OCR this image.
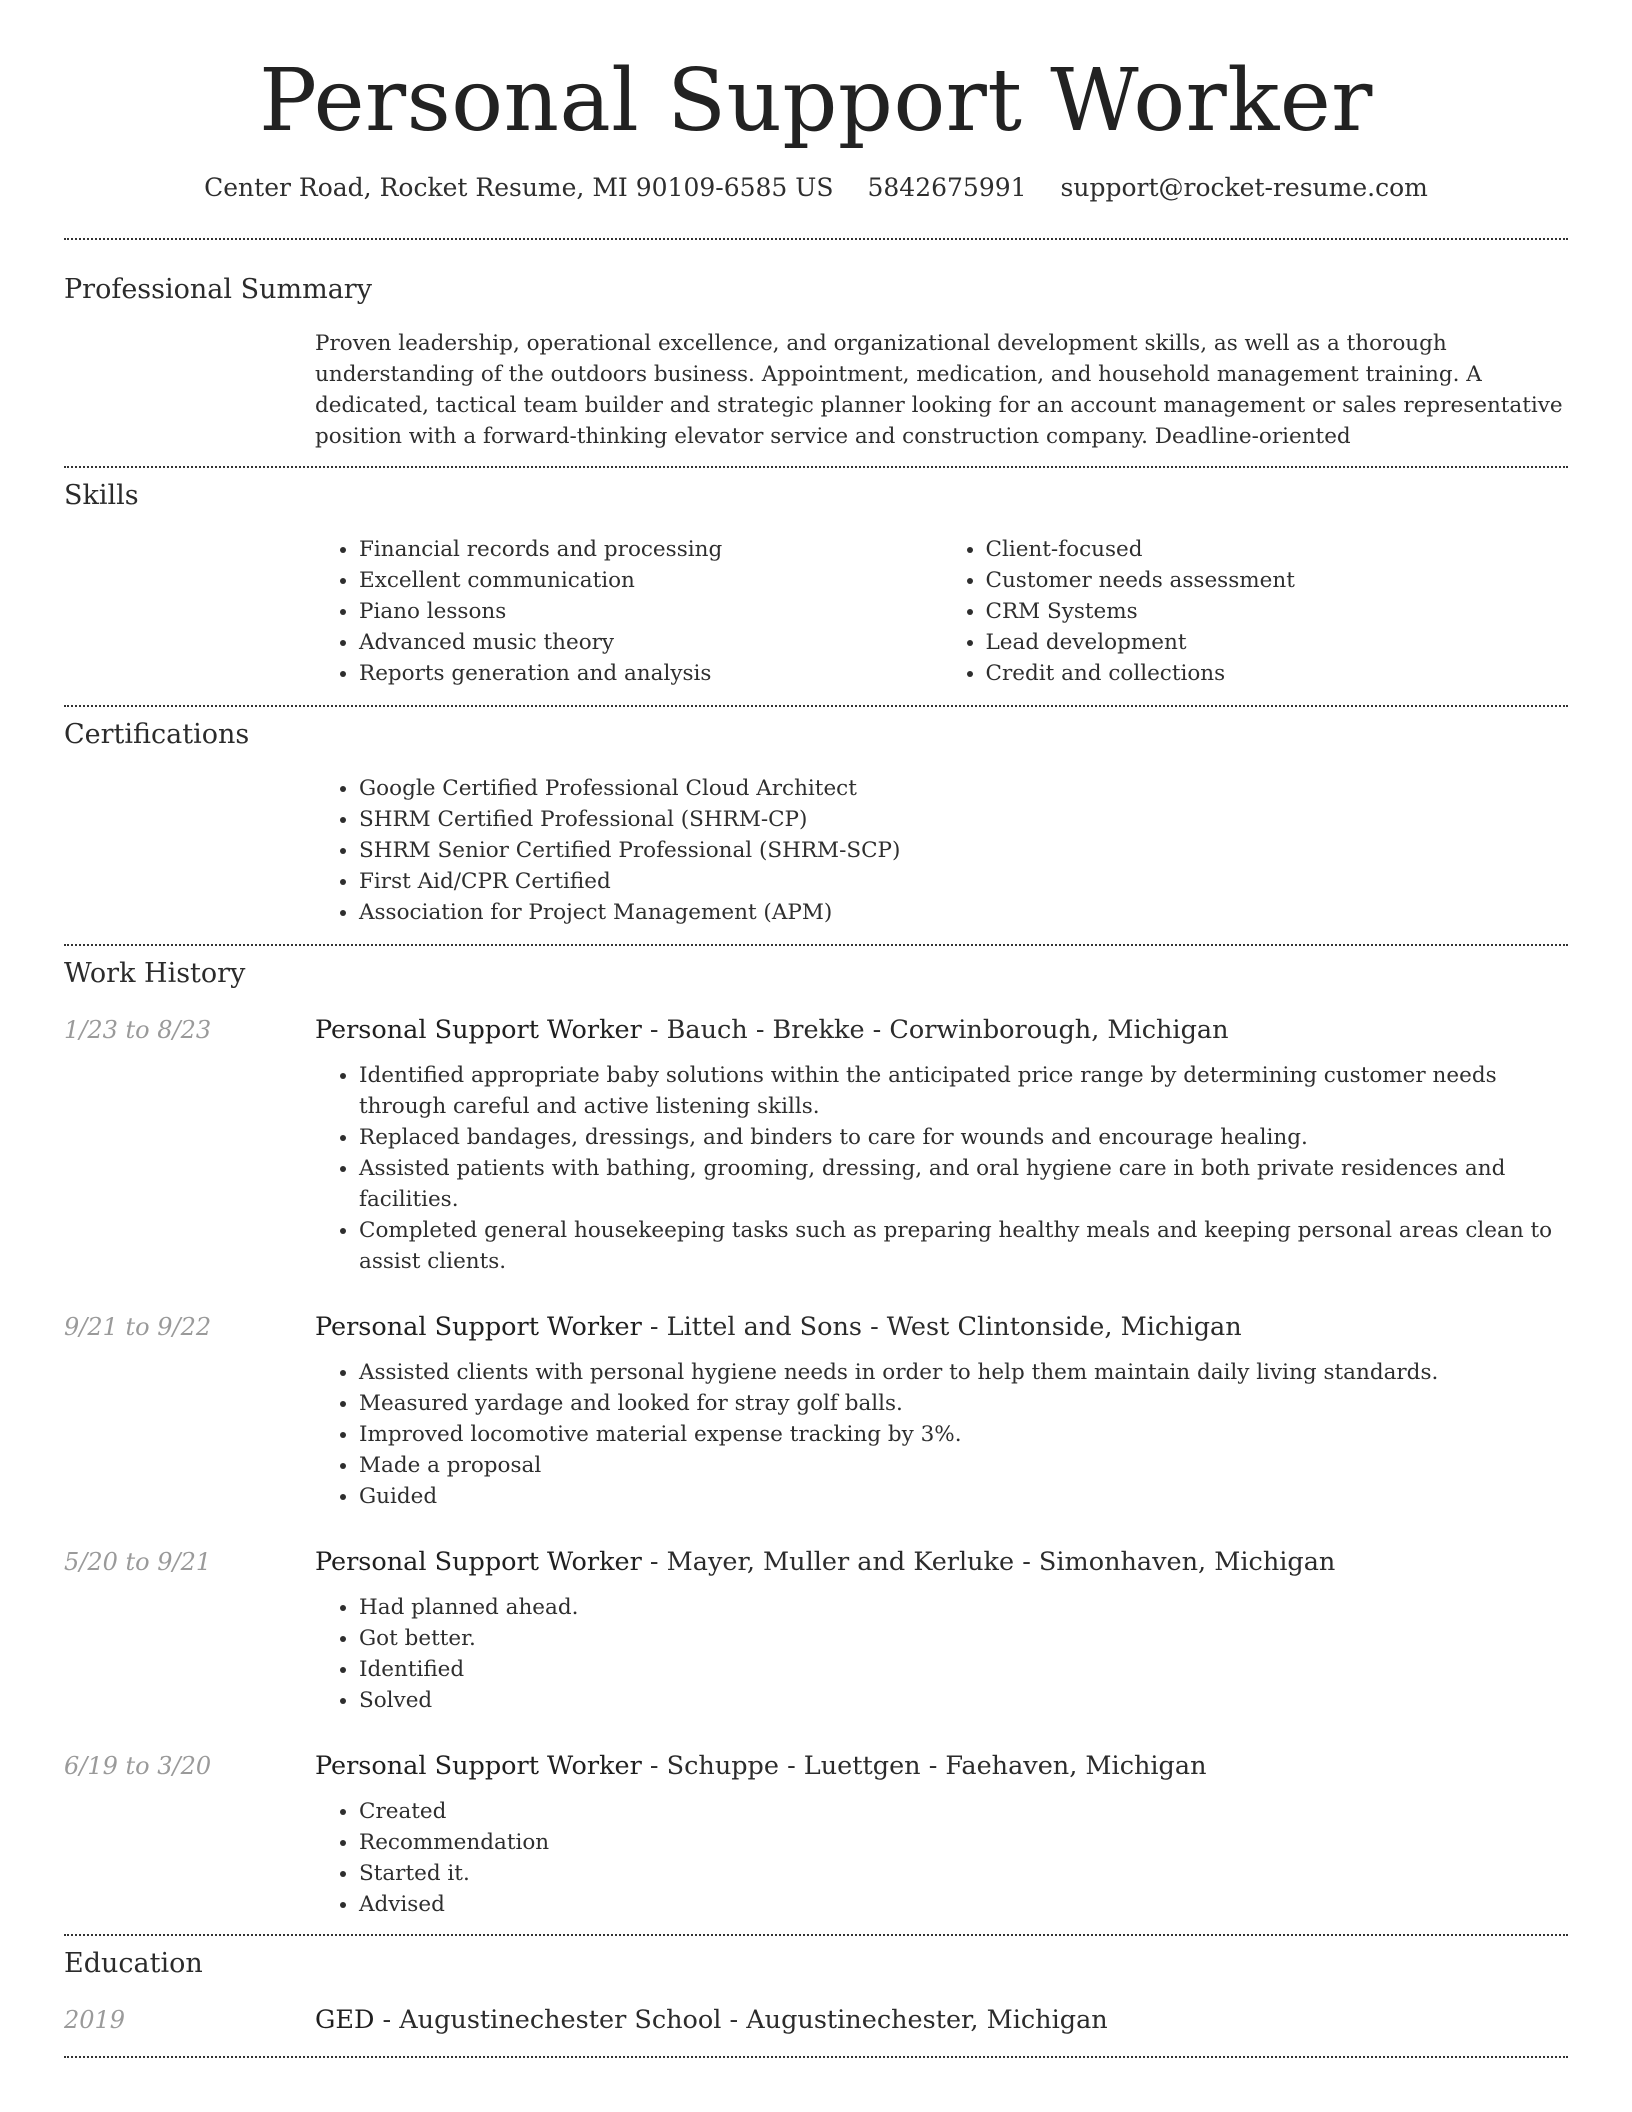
Personal Support Worker
Center Road, Rocket Resume, MI 90109-6585 US 5842675991 support@rocket-resume.com
Professional Summary

Proven leadership, operational excellence, and organizational development skills, as well as a thorough understanding of the outdoors business. Appointment, medication, and household management training. A dedicated, tactical team builder and strategic planner looking for an account management or sales representative position with a forward-thinking elevator service and construction company. Deadline-oriented

Skills
• Financial records and processing
• Excellent communication
• Piano lessons
• Advanced music theory
• Reports generation and analysis
• Client-focused
• Customer needs assessment
• CRM Systems
• Lead development
• Credit and collections
Certifications
• Google Certified Professional Cloud Architect
• SHRM Certified Professional (SHRM-CP)
• SHRM Senior Certified Professional (SHRM-SCP)
• First Aid/CPR Certified
• Association for Project Management (APM)
Work History
1/23 to 8/23	Personal Support Worker - Bauch - Brekke - Corwinborough, Michigan
• Identified appropriate baby solutions within the anticipated price range by determining customer needs through careful and active listening skills.
• Replaced bandages, dressings, and binders to care for wounds and encourage healing.
• Assisted patients with bathing, grooming, dressing, and oral hygiene care in both private residences and facilities.
• Completed general housekeeping tasks such as preparing healthy meals and keeping personal areas clean to assist clients.
9/21 to 9/22	Personal Support Worker - Littel and Sons - West Clintonside, Michigan
• Assisted clients with personal hygiene needs in order to help them maintain daily living standards.
• Measured yardage and looked for stray golf balls.
• Improved locomotive material expense tracking by 3%.
• Made a proposal
• Guided
5/20 to 9/21	Personal Support Worker - Mayer, Muller and Kerluke - Simonhaven, Michigan
• Had planned ahead.
• Got better.
• Identified
• Solved
6/19 to 3/20	Personal Support Worker - Schuppe - Luettgen - Faehaven, Michigan
• Created
• Recommendation
• Started it.
• Advised
Education
2019	GED - Augustinechester School - Augustinechester, Michigan
